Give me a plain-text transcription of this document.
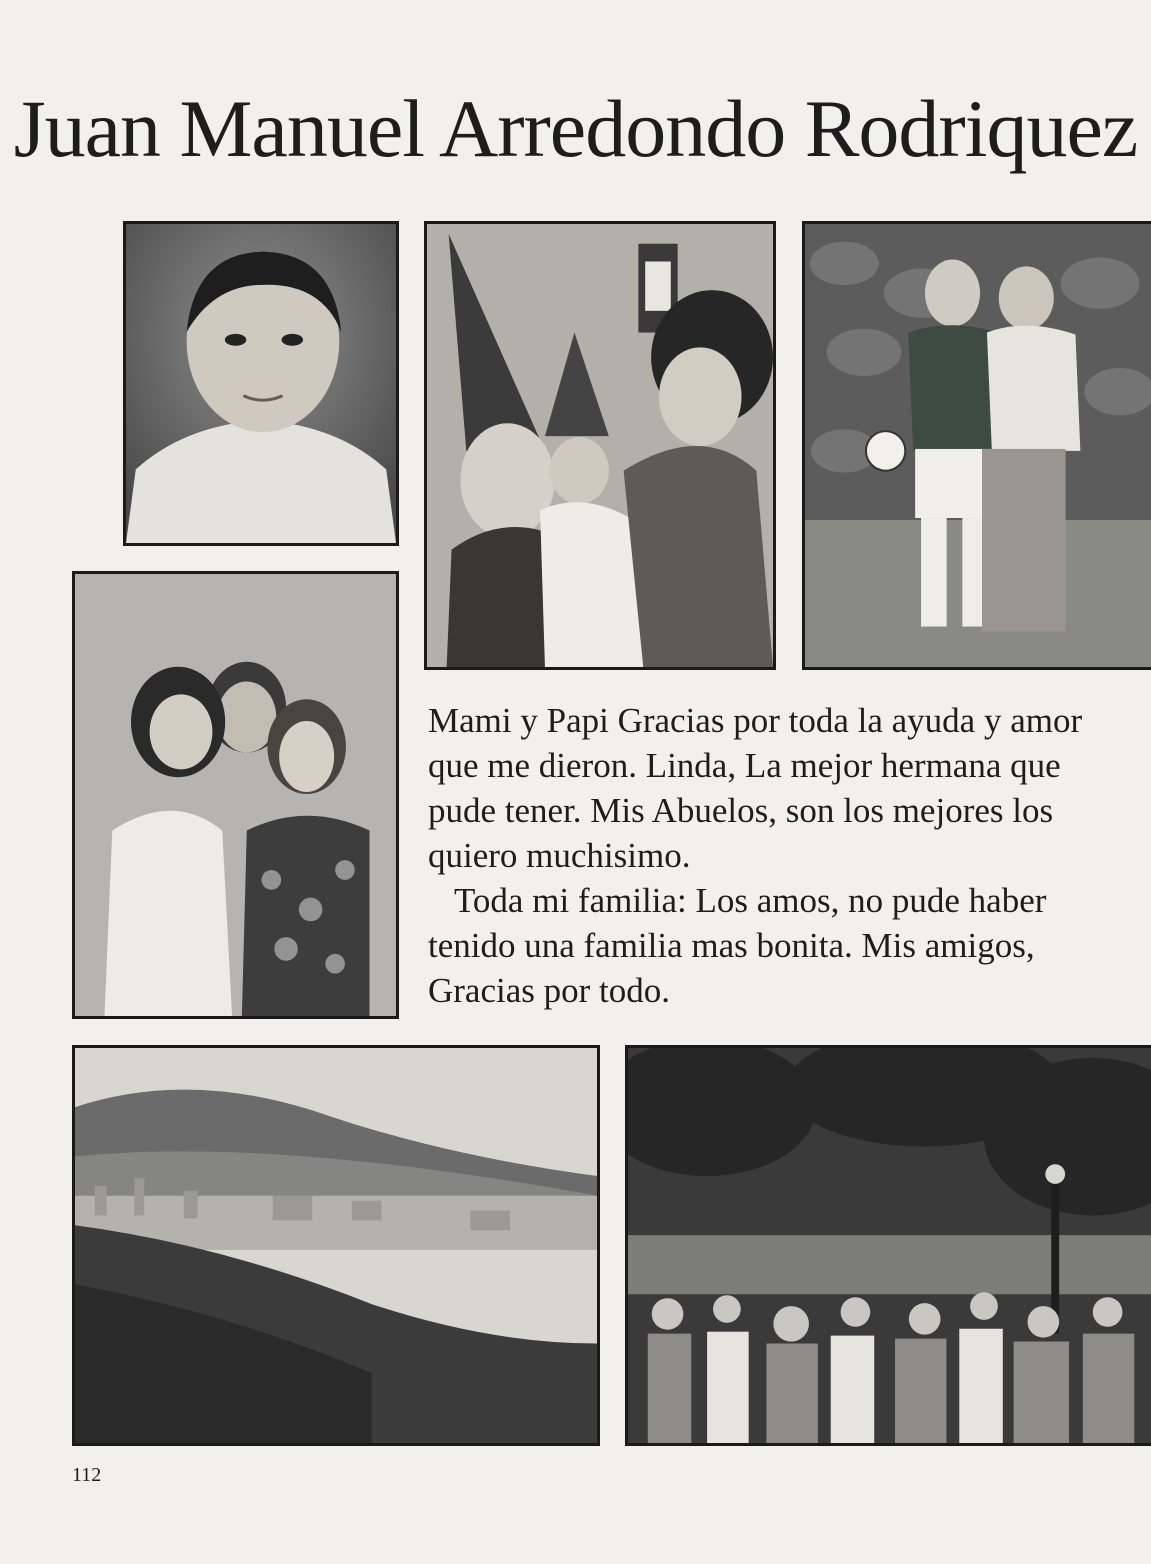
Juan Manuel Arredondo Rodriquez

Mami y Papi Gracias por toda la ayuda y amor que me dieron. Linda, La mejor hermana que pude tener. Mis Abuelos, son los mejores los quiero muchisimo.

Toda mi familia: Los amos, no pude haber tenido una familia mas bonita. Mis amigos, Gracias por todo.

112
